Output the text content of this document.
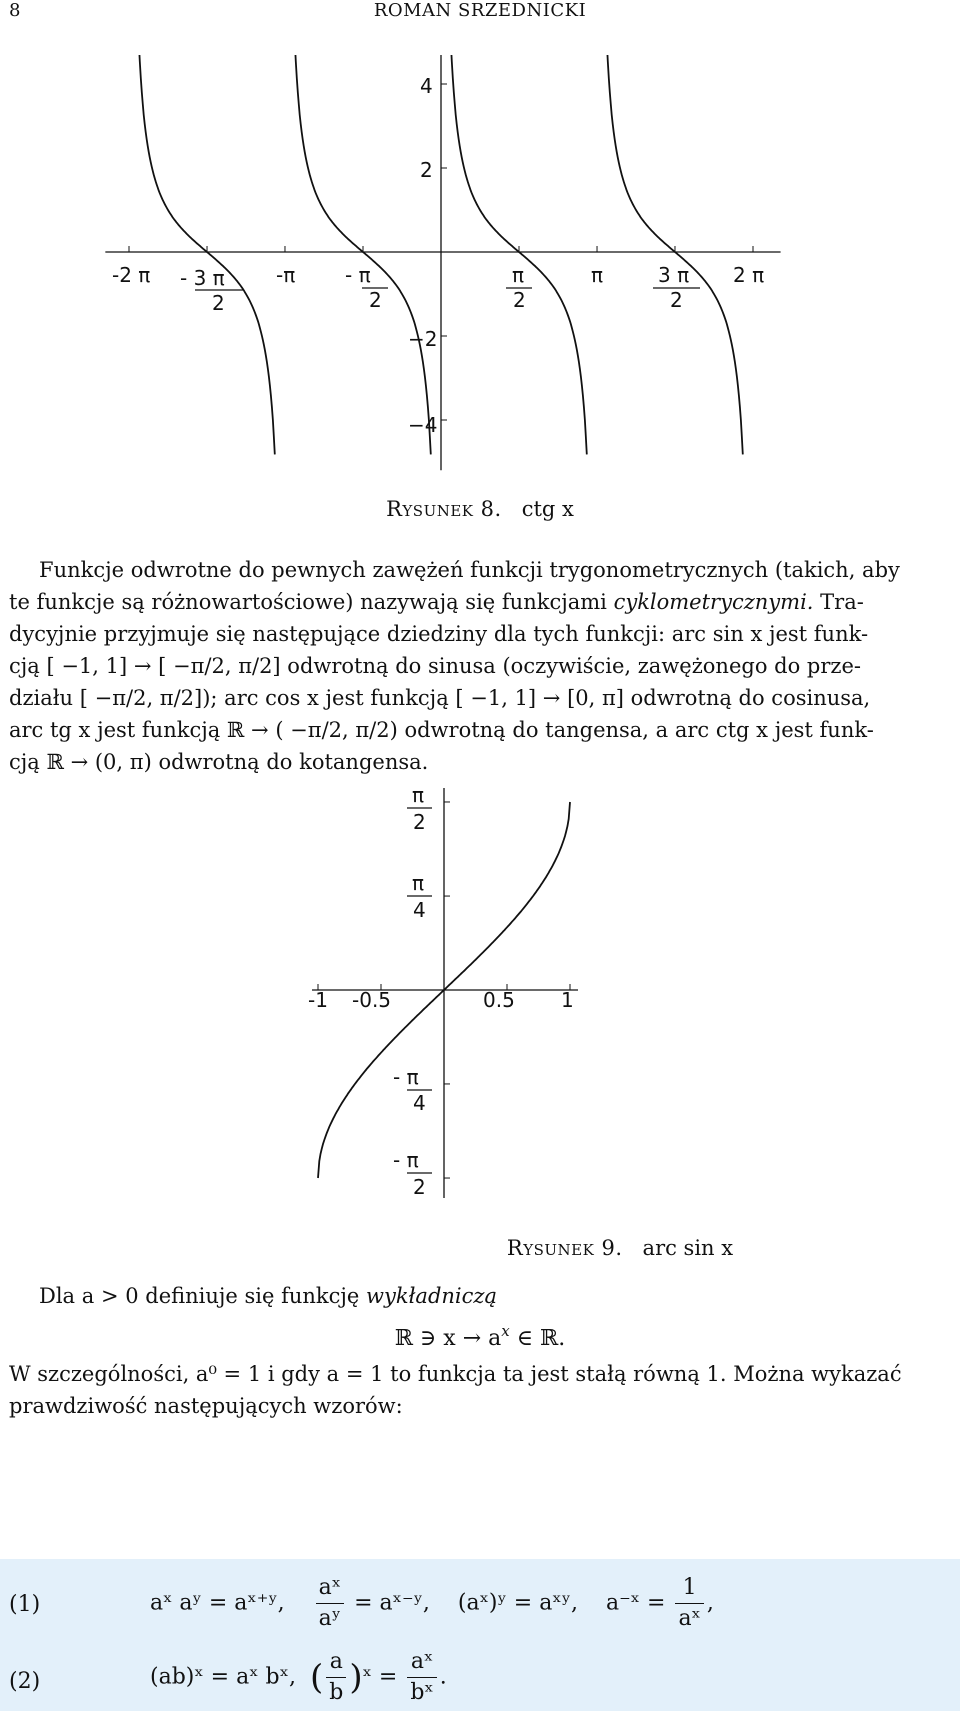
8	ROMAN SRZEDNICKI
4
2
−2
−4
-2 π - 3 π
2
-π - π
2
π
2
π	3 π
2
2 π
Rysunek 8. ctg x
Funkcje odwrotne do pewnych zawężeń funkcji trygonometrycznych (takich, aby
te funkcje są różnowartościowe) nazywają się funkcjami cyklometrycznymi. Tra-
dycyjnie przyjmuje się następujące dziedziny dla tych funkcji: arc sin x jest funk-
cją [ −1, 1] → [ −π/2, π/2] odwrotną do sinusa (oczywiście, zawężonego do prze-
działu [ −π/2, π/2]); arc cos x jest funkcją [ −1, 1] → [0, π] odwrotną do cosinusa,
arc tg x jest funkcją ℝ → ( −π/2, π/2) odwrotną do tangensa, a arc ctg x jest funk-
cją ℝ → (0, π) odwrotną do kotangensa.
π
2
π
4
-1 -0.5	0.5 1
- π
4
- π
2
Rysunek 9. arc sin x
Dla a > 0 definiuje się funkcję wykładniczą
ℝ ∋ $x \to a^x$ ∈ ℝ.
W szczególności, a⁰ = 1 i gdy a = 1 to funkcja ta jest stałą równą 1. Można wykazać
prawdziwość następujących wzorów:
(1)	aˣ aʸ = aˣ⁺ʸ, $\frac{\text{aˣ}}{\text{aʸ}}$ = aˣ⁻ʸ, (aˣ)ʸ = aˣʸ, a⁻ˣ = $\frac{1}{\text{aˣ}}$ ,
(2)	(ab)ˣ = aˣ bˣ, ( $\frac{a}{b}$ )ˣ = $\frac{\text{aˣ}}{\text{bˣ}}$ .
